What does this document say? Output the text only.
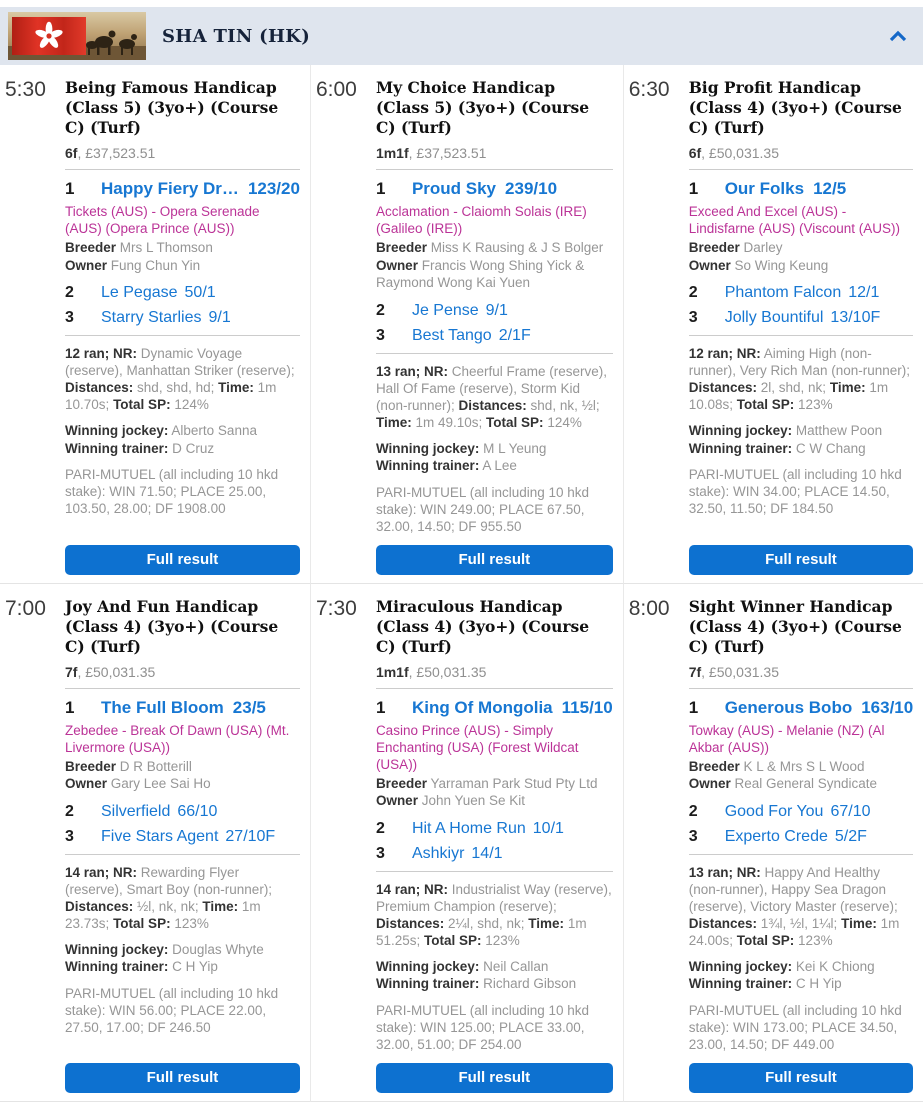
SHA TIN (HK)
5:30	Being Famous Handicap (Class 5) (3yo+) (Course C) (Turf)
6f, £37,523.51
1	Happy Fiery Dr… 123/20
Tickets (AUS) - Opera Serenade (AUS) (Opera Prince (AUS))
Breeder Mrs L Thomson
Owner Fung Chun Yin
2	Le Pegase 50/1
3	Starry Starlies 9/1

12 ran; NR: Dynamic Voyage (reserve), Manhattan Striker (reserve); Distances: shd, shd, hd; Time: 1m 10.70s; Total SP: 124%

Winning jockey: Alberto Sanna
Winning trainer: D Cruz

PARI-MUTUEL (all including 10 hkd stake): WIN 71.50; PLACE 25.00, 103.50, 28.00; DF 1908.00

Full result
6:00	My Choice Handicap (Class 5) (3yo+) (Course C) (Turf)
1m1f, £37,523.51
1	Proud Sky 239/10
Acclamation - Claiomh Solais (IRE) (Galileo (IRE))
Breeder Miss K Rausing & J S Bolger
Owner Francis Wong Shing Yick & Raymond Wong Kai Yuen
2	Je Pense 9/1
3	Best Tango 2/1F

13 ran; NR: Cheerful Frame (reserve), Hall Of Fame (reserve), Storm Kid (non-runner); Distances: shd, nk, ½l; Time: 1m 49.10s; Total SP: 124%

Winning jockey: M L Yeung
Winning trainer: A Lee

PARI-MUTUEL (all including 10 hkd stake): WIN 249.00; PLACE 67.50, 32.00, 14.50; DF 955.50

Full result
6:30	Big Profit Handicap (Class 4) (3yo+) (Course C) (Turf)
6f, £50,031.35
1	Our Folks 12/5
Exceed And Excel (AUS) - Lindisfarne (AUS) (Viscount (AUS))
Breeder Darley
Owner So Wing Keung
2	Phantom Falcon 12/1
3	Jolly Bountiful 13/10F

12 ran; NR: Aiming High (non-runner), Very Rich Man (non-runner); Distances: 2l, shd, nk; Time: 1m 10.08s; Total SP: 123%

Winning jockey: Matthew Poon
Winning trainer: C W Chang

PARI-MUTUEL (all including 10 hkd stake): WIN 34.00; PLACE 14.50, 32.50, 11.50; DF 184.50

Full result
7:00	Joy And Fun Handicap (Class 4) (3yo+) (Course C) (Turf)
7f, £50,031.35
1	The Full Bloom 23/5
Zebedee - Break Of Dawn (USA) (Mt. Livermore (USA))
Breeder D R Botterill
Owner Gary Lee Sai Ho
2	Silverfield 66/10
3	Five Stars Agent 27/10F

14 ran; NR: Rewarding Flyer (reserve), Smart Boy (non-runner); Distances: ½l, nk, nk; Time: 1m 23.73s; Total SP: 123%

Winning jockey: Douglas Whyte
Winning trainer: C H Yip

PARI-MUTUEL (all including 10 hkd stake): WIN 56.00; PLACE 22.00, 27.50, 17.00; DF 246.50

Full result
7:30	Miraculous Handicap (Class 4) (3yo+) (Course C) (Turf)
1m1f, £50,031.35
1	King Of Mongolia 115/10
Casino Prince (AUS) - Simply Enchanting (USA) (Forest Wildcat (USA))
Breeder Yarraman Park Stud Pty Ltd
Owner John Yuen Se Kit
2	Hit A Home Run 10/1
3	Ashkiyr 14/1

14 ran; NR: Industrialist Way (reserve), Premium Champion (reserve); Distances: 2¼l, shd, nk; Time: 1m 51.25s; Total SP: 123%

Winning jockey: Neil Callan
Winning trainer: Richard Gibson

PARI-MUTUEL (all including 10 hkd stake): WIN 125.00; PLACE 33.00, 32.00, 51.00; DF 254.00

Full result
8:00	Sight Winner Handicap (Class 4) (3yo+) (Course C) (Turf)
7f, £50,031.35
1	Generous Bobo 163/10
Towkay (AUS) - Melanie (NZ) (Al Akbar (AUS))
Breeder K L & Mrs S L Wood
Owner Real General Syndicate
2	Good For You 67/10
3	Experto Crede 5/2F

13 ran; NR: Happy And Healthy (non-runner), Happy Sea Dragon (reserve), Victory Master (reserve); Distances: 1¾l, ½l, 1¼l; Time: 1m 24.00s; Total SP: 123%

Winning jockey: Kei K Chiong
Winning trainer: C H Yip

PARI-MUTUEL (all including 10 hkd stake): WIN 173.00; PLACE 34.50, 23.00, 14.50; DF 449.00

Full result
